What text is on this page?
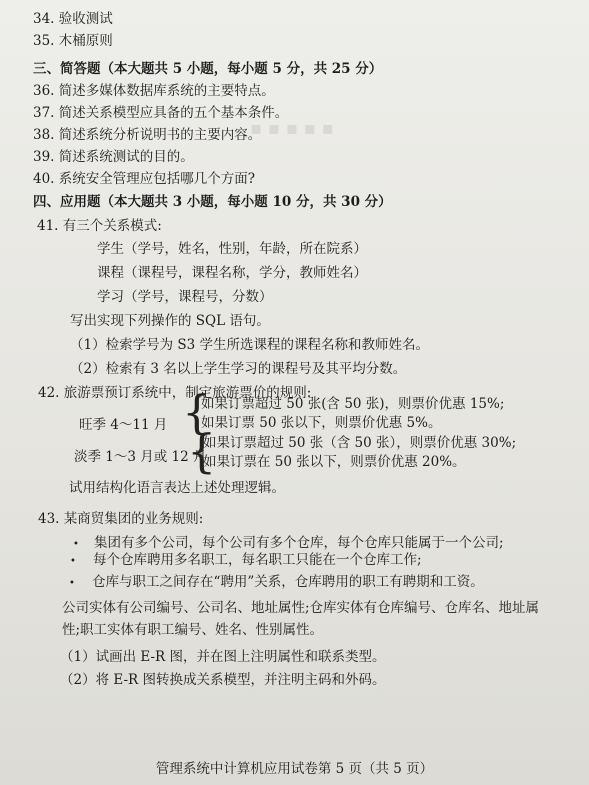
▪ ▪ ▪ ▪ ▪
34. 验收测试
35. 木桶原则
三、简答题（本大题共 5 小题，每小题 5 分，共 25 分）
36. 简述多媒体数据库系统的主要特点。
37. 简述关系模型应具备的五个基本条件。
38. 简述系统分析说明书的主要内容。
39. 简述系统测试的目的。
40. 系统安全管理应包括哪几个方面?
四、应用题（本大题共 3 小题，每小题 10 分，共 30 分）
41. 有三个关系模式:
学生（学号，姓名，性别，年龄，所在院系）
课程（课程号，课程名称，学分，教师姓名）
学习（学号，课程号，分数）
写出实现下列操作的 SQL 语句。
（1）检索学号为 S3 学生所选课程的课程名称和教师姓名。
（2）检索有 3 名以上学生学习的课程号及其平均分数。
42. 旅游票预订系统中，制定旅游票价的规则:
旺季 4～11 月 {
如果订票超过 50 张(含 50 张)，则票价优惠 15%;
如果订票 50 张以下，则票价优惠 5%。
淡季 1～3 月或 12 月
{
如果订票超过 50 张（含 50 张），则票价优惠 30%;
如果订票在 50 张以下，则票价优惠 20%。
试用结构化语言表达上述处理逻辑。
43. 某商贸集团的业务规则:
• 集团有多个公司，每个公司有多个仓库，每个仓库只能属于一个公司;
• 每个仓库聘用多名职工，每名职工只能在一个仓库工作;
• 仓库与职工之间存在“聘用”关系，仓库聘用的职工有聘期和工资。
公司实体有公司编号、公司名、地址属性;仓库实体有仓库编号、仓库名、地址属
性;职工实体有职工编号、姓名、性别属性。
（1）试画出 E-R 图，并在图上注明属性和联系类型。
（2）将 E-R 图转换成关系模型，并注明主码和外码。
管理系统中计算机应用试卷第 5 页（共 5 页）
